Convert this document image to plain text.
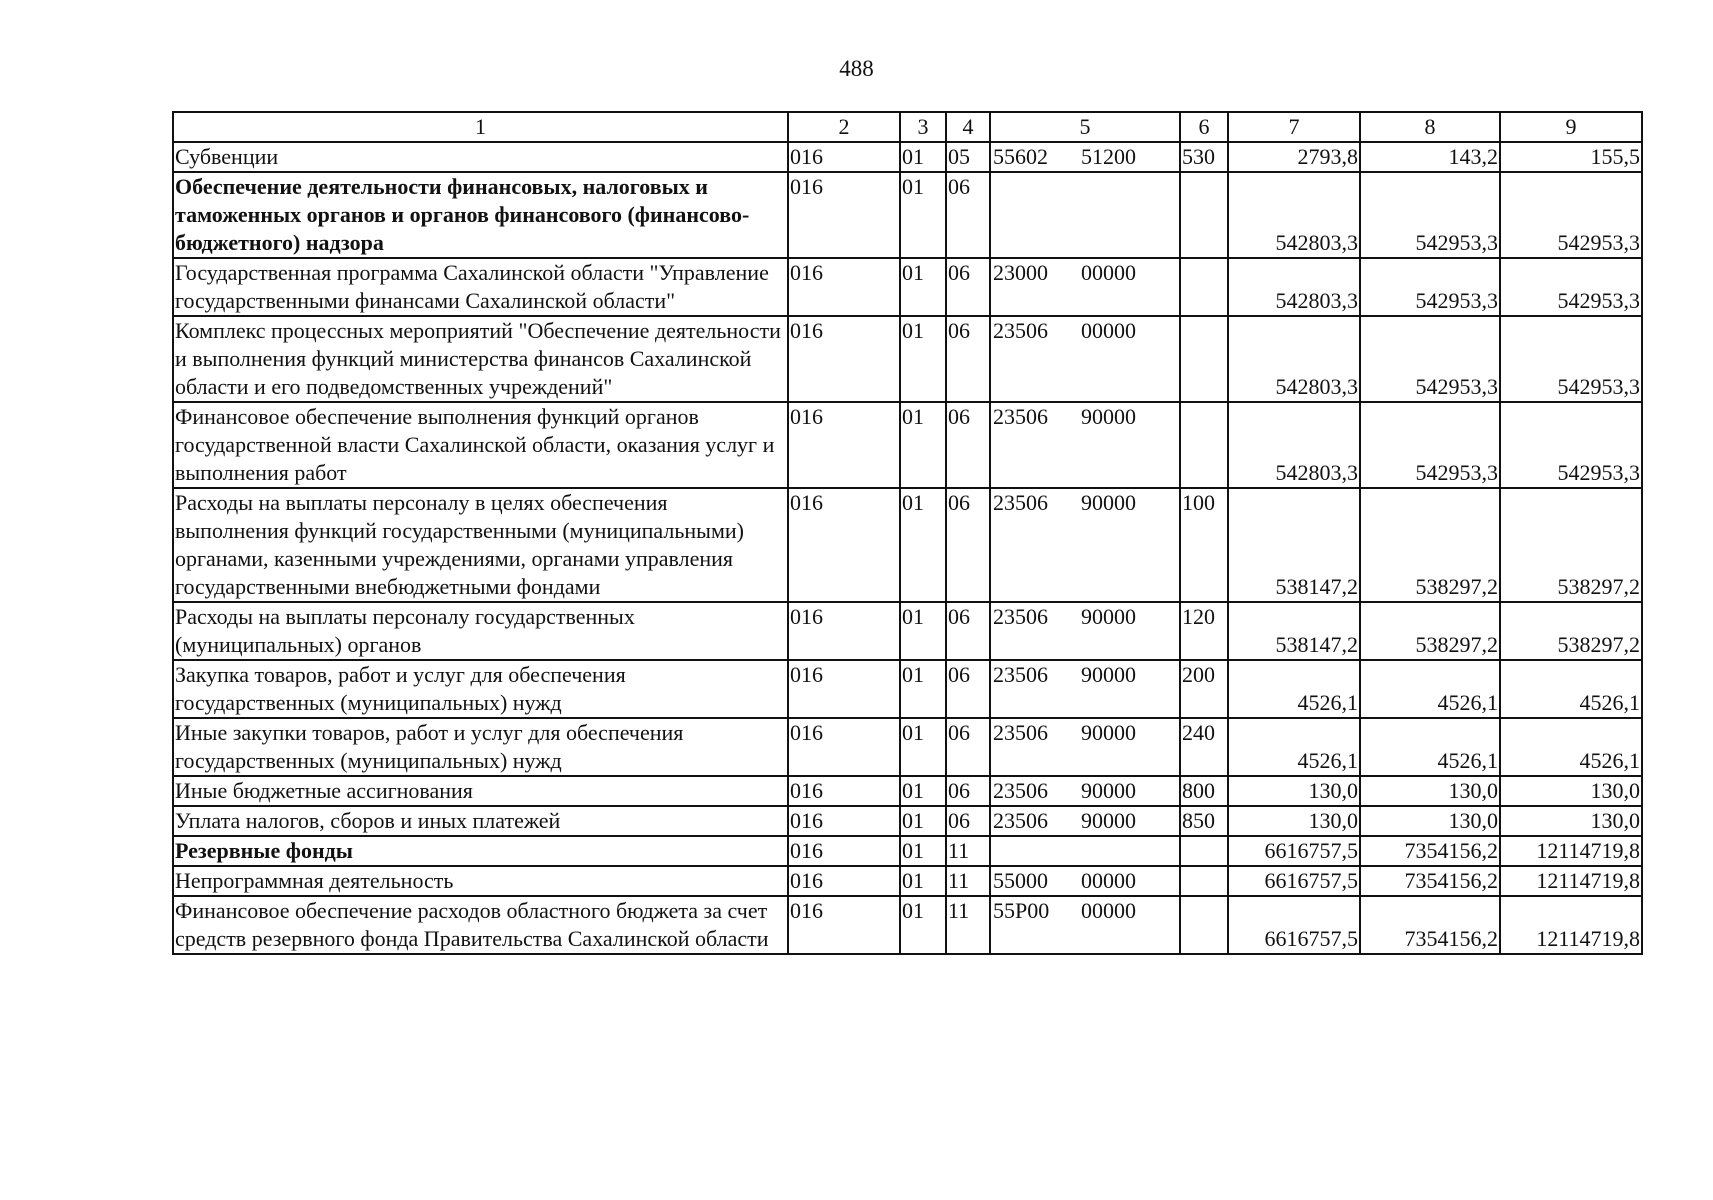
488
1	2	3	4	5	6	7	8	9
Субвенции	016	01	05	55602 51200	530	2793,8	143,2	155,5
Обеспечение деятельности финансовых, налоговых и таможенных органов и органов финансового (финансово-бюджетного) надзора	016	01	06			542803,3	542953,3	542953,3
Государственная программа Сахалинской области "Управление государственными финансами Сахалинской области"	016	01	06	23000 00000		542803,3	542953,3	542953,3
Комплекс процессных мероприятий "Обеспечение деятельности и выполнения функций министерства финансов Сахалинской области и его подведомственных учреждений"	016	01	06	23506 00000		542803,3	542953,3	542953,3
Финансовое обеспечение выполнения функций органов государственной власти Сахалинской области, оказания услуг и выполнения работ	016	01	06	23506 90000		542803,3	542953,3	542953,3
Расходы на выплаты персоналу в целях обеспечения выполнения функций государственными (муниципальными) органами, казенными учреждениями, органами управления государственными внебюджетными фондами	016	01	06	23506 90000	100	538147,2	538297,2	538297,2
Расходы на выплаты персоналу государственных (муниципальных) органов	016	01	06	23506 90000	120	538147,2	538297,2	538297,2
Закупка товаров, работ и услуг для обеспечения государственных (муниципальных) нужд	016	01	06	23506 90000	200	4526,1	4526,1	4526,1
Иные закупки товаров, работ и услуг для обеспечения государственных (муниципальных) нужд	016	01	06	23506 90000	240	4526,1	4526,1	4526,1
Иные бюджетные ассигнования	016	01	06	23506 90000	800	130,0	130,0	130,0
Уплата налогов, сборов и иных платежей	016	01	06	23506 90000	850	130,0	130,0	130,0
Резервные фонды	016	01	11			6616757,5	7354156,2	12114719,8
Непрограммная деятельность	016	01	11	55000 00000		6616757,5	7354156,2	12114719,8
Финансовое обеспечение расходов областного бюджета за счет средств резервного фонда Правительства Сахалинской области	016	01	11	55Р00 00000		6616757,5	7354156,2	12114719,8
